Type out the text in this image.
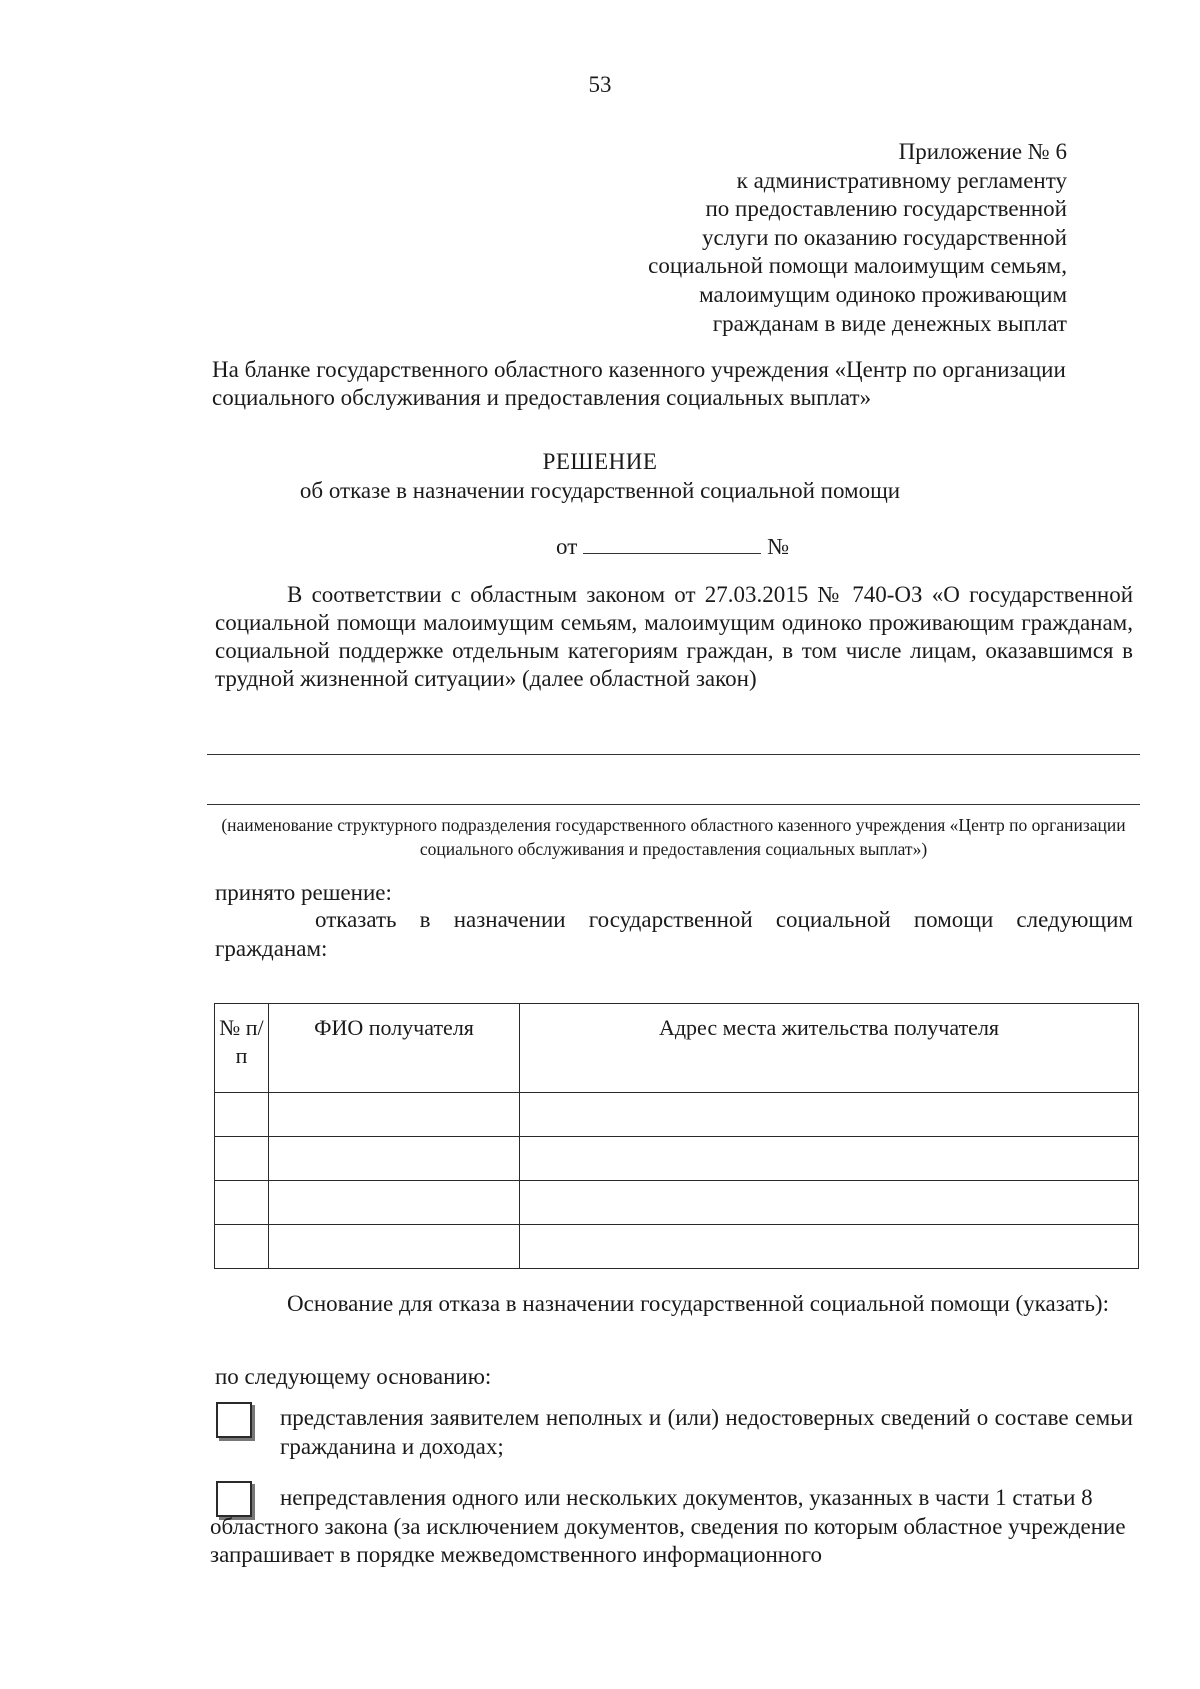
53
Приложение № 6
к административному регламенту
по предоставлению государственной
услуги по оказанию государственной
социальной помощи малоимущим семьям,
малоимущим одиноко проживающим
гражданам в виде денежных выплат
На бланке государственного областного казенного учреждения «Центр по организации социального обслуживания и предоставления социальных выплат»
РЕШЕНИЕ
об отказе в назначении государственной социальной помощи
от	№
В соответствии с областным законом от 27.03.2015 № 740-ОЗ «О государственной социальной помощи малоимущим семьям, малоимущим одиноко проживающим гражданам, социальной поддержке отдельным категориям граждан, в том числе лицам, оказавшимся в трудной жизненной ситуации» (далее областной закон)
(наименование структурного подразделения государственного областного казенного учреждения «Центр по организации социального обслуживания и предоставления социальных выплат»)
принято решение:
отказать в назначении государственной социальной помощи следующим гражданам:
№ п/п	ФИО получателя	Адрес места жительства получателя

Основание для отказа в назначении государственной социальной помощи (указать):
по следующему основанию:
представления заявителем неполных и (или) недостоверных сведений о составе семьи гражданина и доходах;
непредставления одного или нескольких документов, указанных в части 1 статьи 8 областного закона (за исключением документов, сведения по которым областное учреждение запрашивает в порядке межведомственного информационного
